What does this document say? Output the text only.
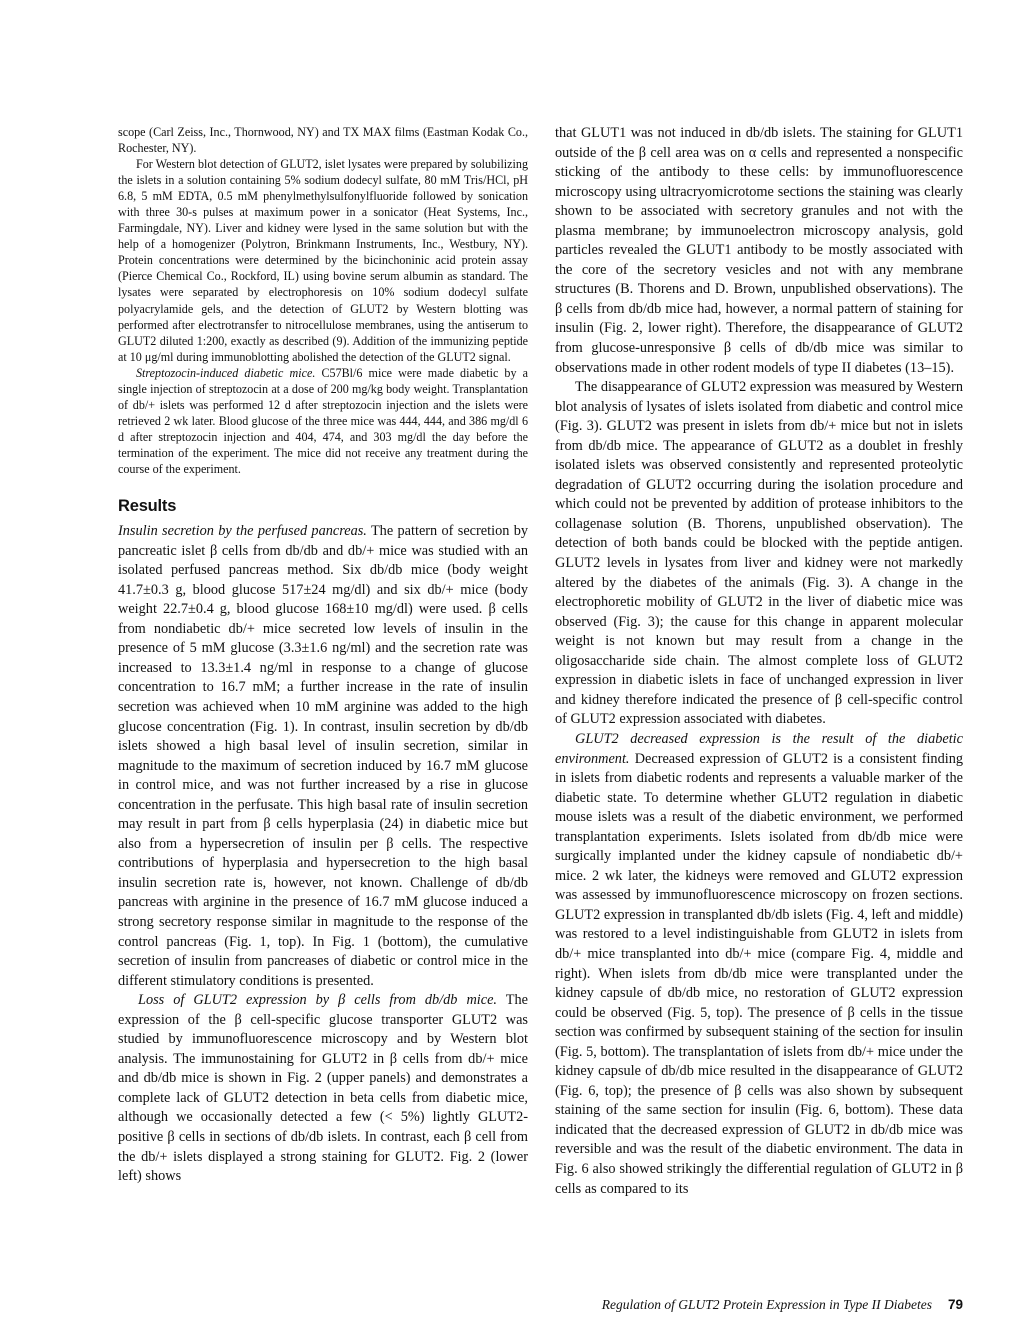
scope (Carl Zeiss, Inc., Thornwood, NY) and TX MAX films (Eastman Kodak Co., Rochester, NY).

For Western blot detection of GLUT2, islet lysates were prepared by solubilizing the islets in a solution containing 5% sodium dodecyl sulfate, 80 mM Tris/HCl, pH 6.8, 5 mM EDTA, 0.5 mM phenylmethylsulfonylfluoride followed by sonication with three 30-s pulses at maximum power in a sonicator (Heat Systems, Inc., Farmingdale, NY). Liver and kidney were lysed in the same solution but with the help of a homogenizer (Polytron, Brinkmann Instruments, Inc., Westbury, NY). Protein concentrations were determined by the bicinchoninic acid protein assay (Pierce Chemical Co., Rockford, IL) using bovine serum albumin as standard. The lysates were separated by electrophoresis on 10% sodium dodecyl sulfate polyacrylamide gels, and the detection of GLUT2 by Western blotting was performed after electrotransfer to nitrocellulose membranes, using the antiserum to GLUT2 diluted 1:200, exactly as described (9). Addition of the immunizing peptide at 10 μg/ml during immunoblotting abolished the detection of the GLUT2 signal.

Streptozocin-induced diabetic mice. C57Bl/6 mice were made diabetic by a single injection of streptozocin at a dose of 200 mg/kg body weight. Transplantation of db/+ islets was performed 12 d after streptozocin injection and the islets were retrieved 2 wk later. Blood glucose of the three mice was 444, 444, and 386 mg/dl 6 d after streptozocin injection and 404, 474, and 303 mg/dl the day before the termination of the experiment. The mice did not receive any treatment during the course of the experiment.

Results

Insulin secretion by the perfused pancreas. The pattern of secretion by pancreatic islet β cells from db/db and db/+ mice was studied with an isolated perfused pancreas method. Six db/db mice (body weight 41.7±0.3 g, blood glucose 517±24 mg/dl) and six db/+ mice (body weight 22.7±0.4 g, blood glucose 168±10 mg/dl) were used. β cells from nondiabetic db/+ mice secreted low levels of insulin in the presence of 5 mM glucose (3.3±1.6 ng/ml) and the secretion rate was increased to 13.3±1.4 ng/ml in response to a change of glucose concentration to 16.7 mM; a further increase in the rate of insulin secretion was achieved when 10 mM arginine was added to the high glucose concentration (Fig. 1). In contrast, insulin secretion by db/db islets showed a high basal level of insulin secretion, similar in magnitude to the maximum of secretion induced by 16.7 mM glucose in control mice, and was not further increased by a rise in glucose concentration in the perfusate. This high basal rate of insulin secretion may result in part from β cells hyperplasia (24) in diabetic mice but also from a hypersecretion of insulin per β cells. The respective contributions of hyperplasia and hypersecretion to the high basal insulin secretion rate is, however, not known. Challenge of db/db pancreas with arginine in the presence of 16.7 mM glucose induced a strong secretory response similar in magnitude to the response of the control pancreas (Fig. 1, top). In Fig. 1 (bottom), the cumulative secretion of insulin from pancreases of diabetic or control mice in the different stimulatory conditions is presented.

Loss of GLUT2 expression by β cells from db/db mice. The expression of the β cell-specific glucose transporter GLUT2 was studied by immunofluorescence microscopy and by Western blot analysis. The immunostaining for GLUT2 in β cells from db/+ mice and db/db mice is shown in Fig. 2 (upper panels) and demonstrates a complete lack of GLUT2 detection in beta cells from diabetic mice, although we occasionally detected a few (< 5%) lightly GLUT2-positive β cells in sections of db/db islets. In contrast, each β cell from the db/+ islets displayed a strong staining for GLUT2. Fig. 2 (lower left) shows

that GLUT1 was not induced in db/db islets. The staining for GLUT1 outside of the β cell area was on α cells and represented a nonspecific sticking of the antibody to these cells: by immunofluorescence microscopy using ultracryomicrotome sections the staining was clearly shown to be associated with secretory granules and not with the plasma membrane; by immunoelectron microscopy analysis, gold particles revealed the GLUT1 antibody to be mostly associated with the core of the secretory vesicles and not with any membrane structures (B. Thorens and D. Brown, unpublished observations). The β cells from db/db mice had, however, a normal pattern of staining for insulin (Fig. 2, lower right). Therefore, the disappearance of GLUT2 from glucose-unresponsive β cells of db/db mice was similar to observations made in other rodent models of type II diabetes (13–15).

The disappearance of GLUT2 expression was measured by Western blot analysis of lysates of islets isolated from diabetic and control mice (Fig. 3). GLUT2 was present in islets from db/+ mice but not in islets from db/db mice. The appearance of GLUT2 as a doublet in freshly isolated islets was observed consistently and represented proteolytic degradation of GLUT2 occurring during the isolation procedure and which could not be prevented by addition of protease inhibitors to the collagenase solution (B. Thorens, unpublished observation). The detection of both bands could be blocked with the peptide antigen. GLUT2 levels in lysates from liver and kidney were not markedly altered by the diabetes of the animals (Fig. 3). A change in the electrophoretic mobility of GLUT2 in the liver of diabetic mice was observed (Fig. 3); the cause for this change in apparent molecular weight is not known but may result from a change in the oligosaccharide side chain. The almost complete loss of GLUT2 expression in diabetic islets in face of unchanged expression in liver and kidney therefore indicated the presence of β cell-specific control of GLUT2 expression associated with diabetes.

GLUT2 decreased expression is the result of the diabetic environment. Decreased expression of GLUT2 is a consistent finding in islets from diabetic rodents and represents a valuable marker of the diabetic state. To determine whether GLUT2 regulation in diabetic mouse islets was a result of the diabetic environment, we performed transplantation experiments. Islets isolated from db/db mice were surgically implanted under the kidney capsule of nondiabetic db/+ mice. 2 wk later, the kidneys were removed and GLUT2 expression was assessed by immunofluorescence microscopy on frozen sections. GLUT2 expression in transplanted db/db islets (Fig. 4, left and middle) was restored to a level indistinguishable from GLUT2 in islets from db/+ mice transplanted into db/+ mice (compare Fig. 4, middle and right). When islets from db/db mice were transplanted under the kidney capsule of db/db mice, no restoration of GLUT2 expression could be observed (Fig. 5, top). The presence of β cells in the tissue section was confirmed by subsequent staining of the section for insulin (Fig. 5, bottom). The transplantation of islets from db/+ mice under the kidney capsule of db/db mice resulted in the disappearance of GLUT2 (Fig. 6, top); the presence of β cells was also shown by subsequent staining of the same section for insulin (Fig. 6, bottom). These data indicated that the decreased expression of GLUT2 in db/db mice was reversible and was the result of the diabetic environment. The data in Fig. 6 also showed strikingly the differential regulation of GLUT2 in β cells as compared to its

Regulation of GLUT2 Protein Expression in Type II Diabetes 79
